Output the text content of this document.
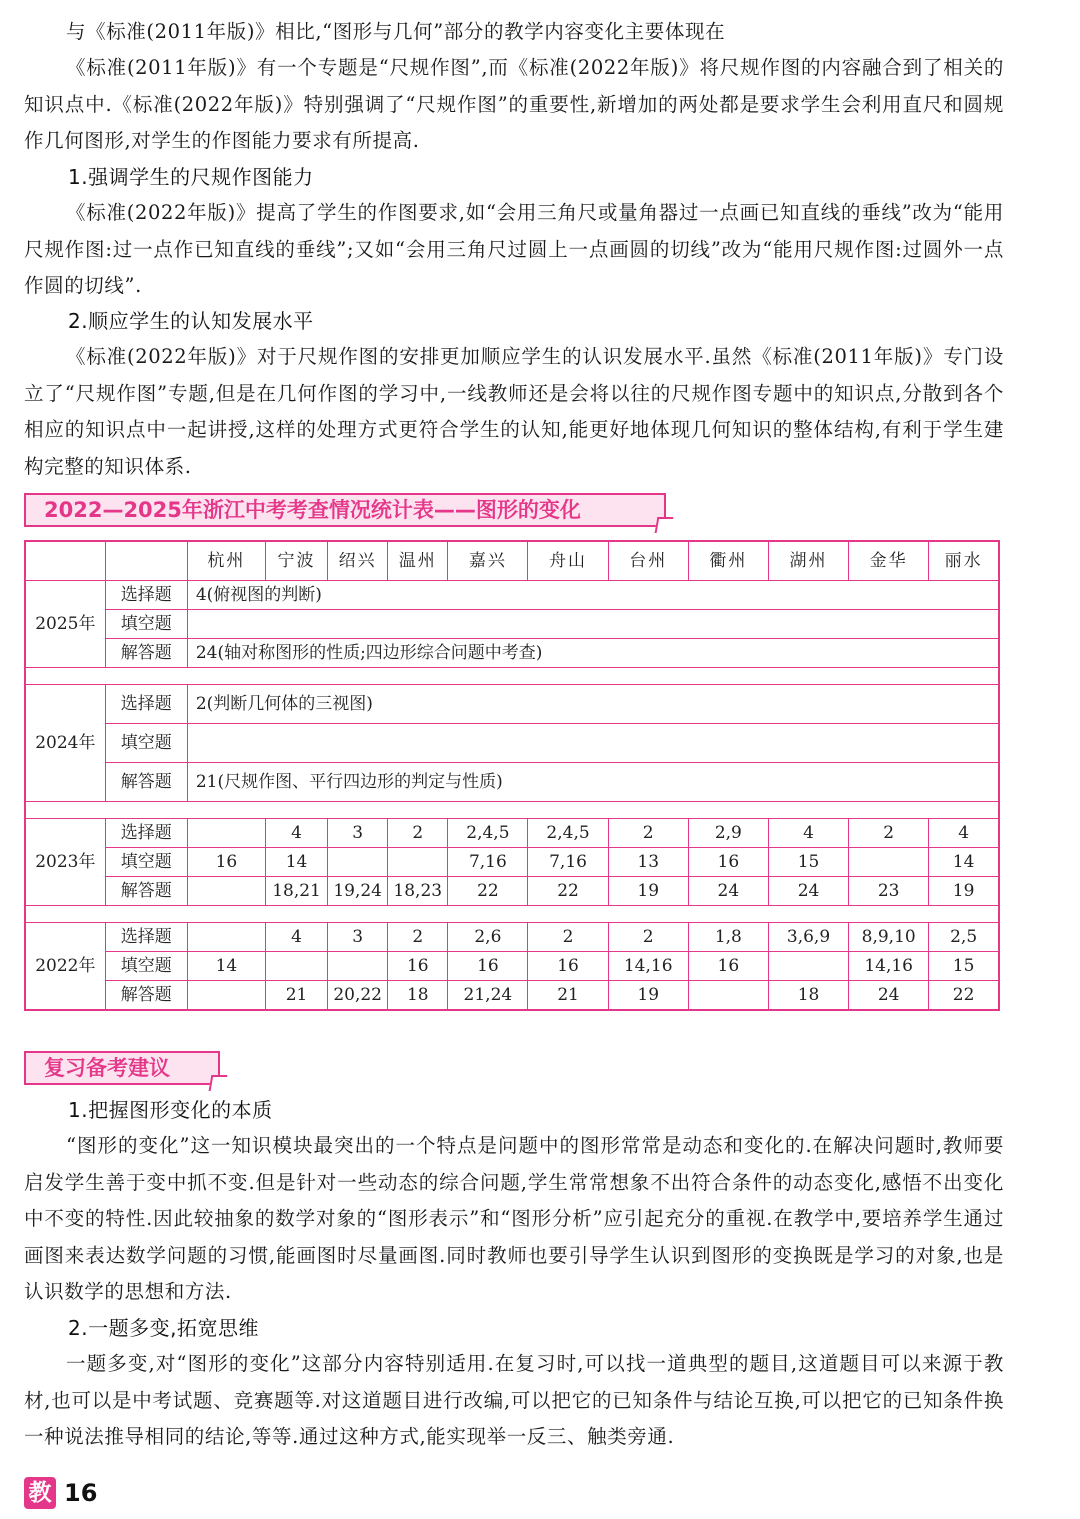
与《标准(2011年版)》相比,“图形与几何”部分的教学内容变化主要体现在

《标准(2011年版)》有一个专题是“尺规作图”,而《标准(2022年版)》将尺规作图的内容融合到了相关的知识点中.《标准(2022年版)》特别强调了“尺规作图”的重要性,新增加的两处都是要求学生会利用直尺和圆规作几何图形,对学生的作图能力要求有所提高.

1.强调学生的尺规作图能力

《标准(2022年版)》提高了学生的作图要求,如“会用三角尺或量角器过一点画已知直线的垂线”改为“能用尺规作图:过一点作已知直线的垂线”;又如“会用三角尺过圆上一点画圆的切线”改为“能用尺规作图:过圆外一点作圆的切线”.

2.顺应学生的认知发展水平

《标准(2022年版)》对于尺规作图的安排更加顺应学生的认识发展水平.虽然《标准(2011年版)》专门设立了“尺规作图”专题,但是在几何作图的学习中,一线教师还是会将以往的尺规作图专题中的知识点,分散到各个相应的知识点中一起讲授,这样的处理方式更符合学生的认知,能更好地体现几何知识的整体结构,有利于学生建构完整的知识体系.

2022—2025年浙江中考考查情况统计表——图形的变化
		杭州	宁波	绍兴	温州	嘉兴	舟山	台州	衢州	湖州	金华	丽水
2025年	选择题	4(俯视图的判断)										
	填空题											
	解答题	24(轴对称图形的性质;四边形综合问题中考查)										

2024年	选择题	2(判断几何体的三视图)										
	填空题											
	解答题	21(尺规作图、平行四边形的判定与性质)										

2023年	选择题		4	3	2	2,4,5	2,4,5	2	2,9	4	2	4
	填空题	16	14			7,16	7,16	13	16	15		14
	解答题		18,21	19,24	18,23	22	22	19	24	24	23	19

2022年	选择题		4	3	2	2,6	2	2	1,8	3,6,9	8,9,10	2,5
	填空题	14			16	16	16	14,16	16		14,16	15
	解答题		21	20,22	18	21,24	21	19		18	24	22
复习备考建议

1.把握图形变化的本质

“图形的变化”这一知识模块最突出的一个特点是问题中的图形常常是动态和变化的.在解决问题时,教师要启发学生善于变中抓不变.但是针对一些动态的综合问题,学生常常想象不出符合条件的动态变化,感悟不出变化中不变的特性.因此较抽象的数学对象的“图形表示”和“图形分析”应引起充分的重视.在教学中,要培养学生通过画图来表达数学问题的习惯,能画图时尽量画图.同时教师也要引导学生认识到图形的变换既是学习的对象,也是认识数学的思想和方法.

2.一题多变,拓宽思维

一题多变,对“图形的变化”这部分内容特别适用.在复习时,可以找一道典型的题目,这道题目可以来源于教材,也可以是中考试题、竞赛题等.对这道题目进行改编,可以把它的已知条件与结论互换,可以把它的已知条件换一种说法推导相同的结论,等等.通过这种方式,能实现举一反三、触类旁通.

教 16
